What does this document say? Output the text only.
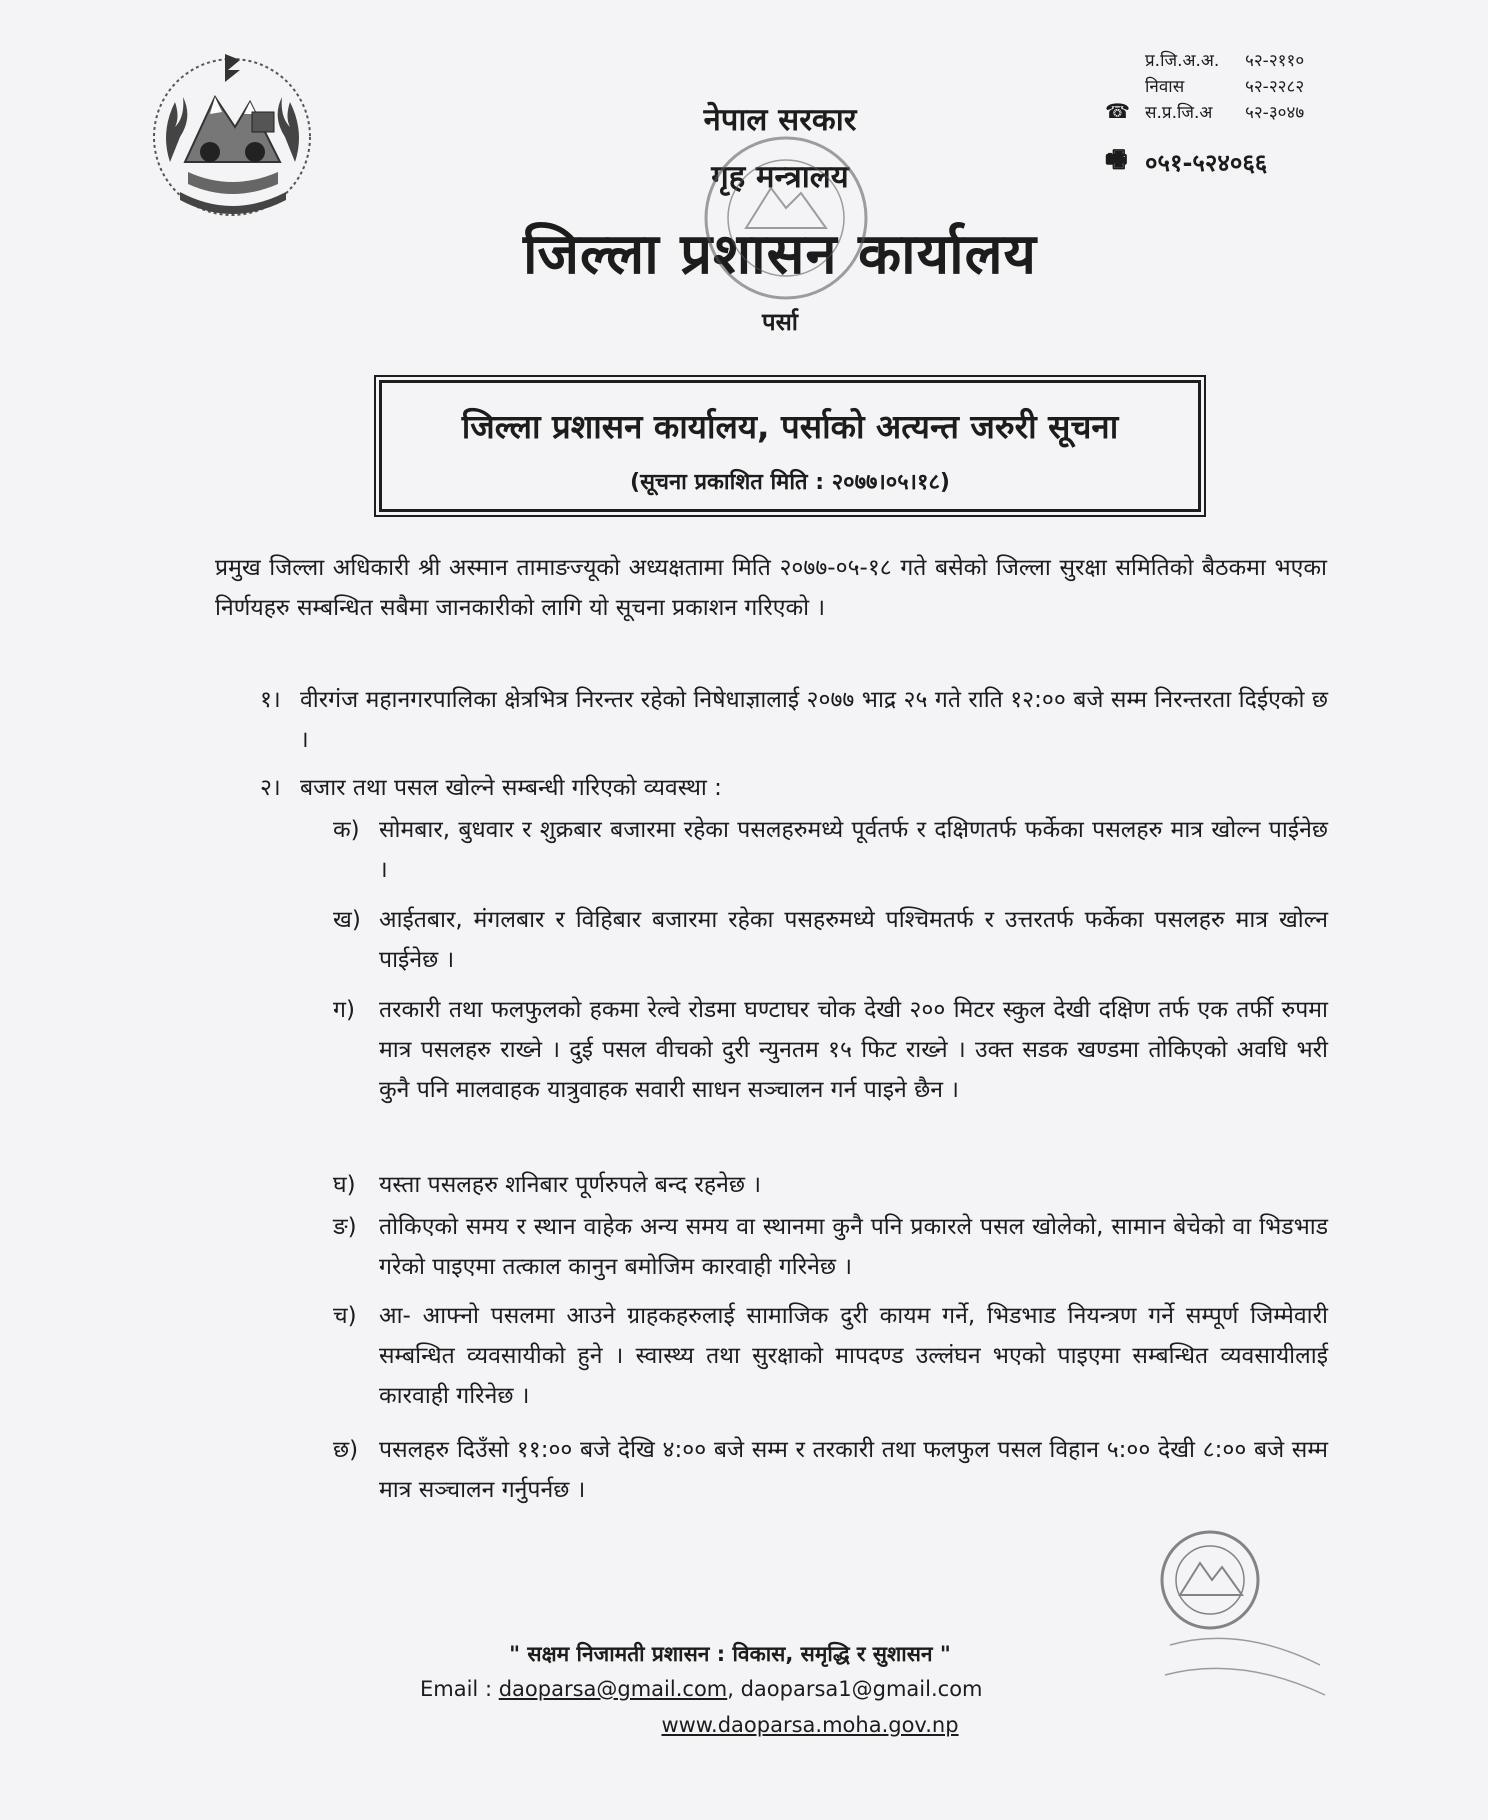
नेपाल सरकार
गृह मन्त्रालय
जिल्ला प्रशासन कार्यालय
पर्सा
प्र.जि.अ.अ.	५२-२११०
निवास	५२-२२८२
☎ स.प्र.जि.अ	५२-३०४७
🖷 ०५१-५२४०६६
जिल्ला प्रशासन कार्यालय, पर्साको अत्यन्त जरुरी सूचना
(सूचना प्रकाशित मिति : २०७७।०५।१८)
प्रमुख जिल्ला अधिकारी श्री अस्मान तामाङज्यूको अध्यक्षतामा मिति २०७७-०५-१८ गते बसेको जिल्ला सुरक्षा समितिको बैठकमा भएका निर्णयहरु सम्बन्धित सबैमा जानकारीको लागि यो सूचना प्रकाशन गरिएको ।
१। वीरगंज महानगरपालिका क्षेत्रभित्र निरन्तर रहेको निषेधाज्ञालाई २०७७ भाद्र २५ गते राति १२:०० बजे सम्म निरन्तरता दिईएको छ ।
२। बजार तथा पसल खोल्ने सम्बन्धी गरिएको व्यवस्था :
क) सोमबार, बुधवार र शुक्रबार बजारमा रहेका पसलहरुमध्ये पूर्वतर्फ र दक्षिणतर्फ फर्केका पसलहरु मात्र खोल्न पाईनेछ ।
ख) आईतबार, मंगलबार र विहिबार बजारमा रहेका पसहरुमध्ये पश्चिमतर्फ र उत्तरतर्फ फर्केका पसलहरु मात्र खोल्न पाईनेछ ।
ग) तरकारी तथा फलफुलको हकमा रेल्वे रोडमा घण्टाघर चोक देखी २०० मिटर स्कुल देखी दक्षिण तर्फ एक तर्फी रुपमा मात्र पसलहरु राख्ने । दुई पसल वीचको दुरी न्युनतम १५ फिट राख्ने । उक्त सडक खण्डमा तोकिएको अवधि भरी कुनै पनि मालवाहक यात्रुवाहक सवारी साधन सञ्चालन गर्न पाइने छैन ।
घ) यस्ता पसलहरु शनिबार पूर्णरुपले बन्द रहनेछ ।
ङ) तोकिएको समय र स्थान वाहेक अन्य समय वा स्थानमा कुनै पनि प्रकारले पसल खोलेको, सामान बेचेको वा भिडभाड गरेको पाइएमा तत्काल कानुन बमोजिम कारवाही गरिनेछ ।
च) आ- आफ्नो पसलमा आउने ग्राहकहरुलाई सामाजिक दुरी कायम गर्ने, भिडभाड नियन्त्रण गर्ने सम्पूर्ण जिम्मेवारी सम्बन्धित व्यवसायीको हुने । स्वास्थ्य तथा सुरक्षाको मापदण्ड उल्लंघन भएको पाइएमा सम्बन्धित व्यवसायीलाई कारवाही गरिनेछ ।
छ) पसलहरु दिउँसो ११:०० बजे देखि ४:०० बजे सम्म र तरकारी तथा फलफुल पसल विहान ५:०० देखी ८:०० बजे सम्म मात्र सञ्चालन गर्नुपर्नछ ।
" सक्षम निजामती प्रशासन : विकास, समृद्धि र सुशासन "
Email : daoparsa@gmail.com, daoparsa1@gmail.com
www.daoparsa.moha.gov.np
